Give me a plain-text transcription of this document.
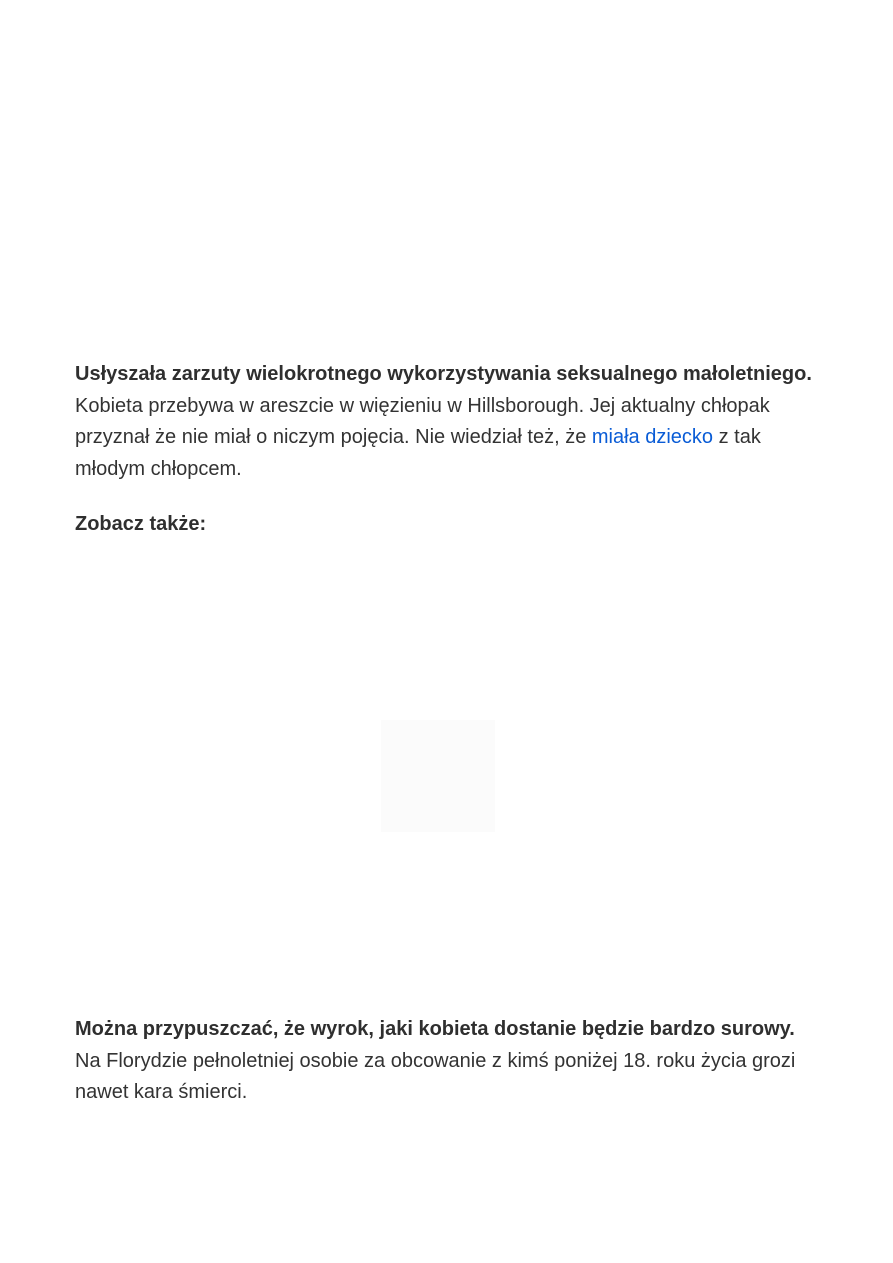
Usłyszała zarzuty wielokrotnego wykorzystywania seksualnego małoletniego. Kobieta przebywa w areszcie w więzieniu w Hillsborough. Jej aktualny chłopak przyznał że nie miał o niczym pojęcia. Nie wiedział też, że miała dziecko z tak młodym chłopcem.

Zobacz także:

Można przypuszczać, że wyrok, jaki kobieta dostanie będzie bardzo surowy. Na Florydzie pełnoletniej osobie za obcowanie z kimś poniżej 18. roku życia grozi nawet kara śmierci.
